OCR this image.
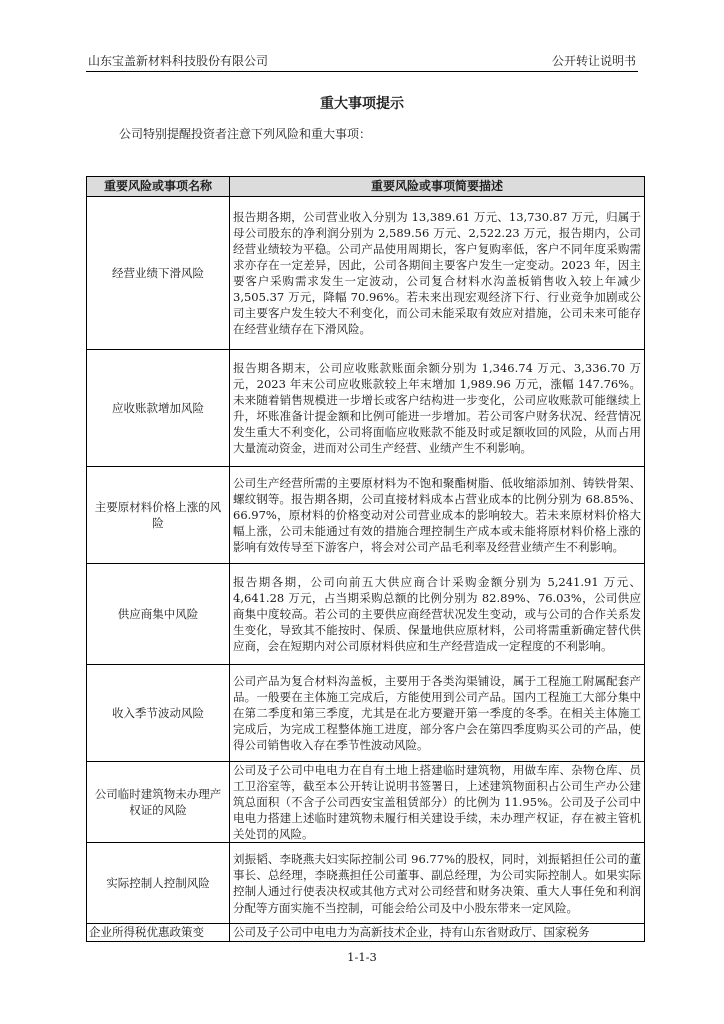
山东宝盖新材料科技股份有限公司	公开转让说明书
重大事项提示
公司特别提醒投资者注意下列风险和重大事项：
重要风险或事项名称	重要风险或事项简要描述
经营业绩下滑风险	报告期各期，公司营业收入分别为 13,389.61 万元、13,730.87 万元，归属于母公司股东的净利润分别为 2,589.56 万元、2,522.23 万元，报告期内，公司经营业绩较为平稳。公司产品使用周期长，客户复购率低，客户不同年度采购需求亦存在一定差异，因此，公司各期间主要客户发生一定变动。2023 年，因主要客户采购需求发生一定波动，公司复合材料水沟盖板销售收入较上年减少 3,505.37 万元，降幅 70.96%。若未来出现宏观经济下行、行业竞争加剧或公司主要客户发生较大不利变化，而公司未能采取有效应对措施，公司未来可能存在经营业绩存在下滑风险。
应收账款增加风险	报告期各期末，公司应收账款账面余额分别为 1,346.74 万元、3,336.70 万元，2023 年末公司应收账款较上年末增加 1,989.96 万元，涨幅 147.76%。未来随着销售规模进一步增长或客户结构进一步变化，公司应收账款可能继续上升，坏账准备计提金额和比例可能进一步增加。若公司客户财务状况、经营情况发生重大不利变化，公司将面临应收账款不能及时或足额收回的风险，从而占用大量流动资金，进而对公司生产经营、业绩产生不利影响。
主要原材料价格上涨的风险	公司生产经营所需的主要原材料为不饱和聚酯树脂、低收缩添加剂、铸铁骨架、螺纹钢等。报告期各期，公司直接材料成本占营业成本的比例分别为 68.85%、66.97%，原材料的价格变动对公司营业成本的影响较大。若未来原材料价格大幅上涨，公司未能通过有效的措施合理控制生产成本或未能将原材料价格上涨的影响有效传导至下游客户，将会对公司产品毛利率及经营业绩产生不利影响。
供应商集中风险	报告期各期，公司向前五大供应商合计采购金额分别为 5,241.91 万元、4,641.28 万元，占当期采购总额的比例分别为 82.89%、76.03%，公司供应商集中度较高。若公司的主要供应商经营状况发生变动，或与公司的合作关系发生变化，导致其不能按时、保质、保量地供应原材料，公司将需重新确定替代供应商，会在短期内对公司原材料供应和生产经营造成一定程度的不利影响。
收入季节波动风险	公司产品为复合材料沟盖板，主要用于各类沟渠铺设，属于工程施工附属配套产品。一般要在主体施工完成后，方能使用到公司产品。国内工程施工大部分集中在第二季度和第三季度，尤其是在北方要避开第一季度的冬季。在相关主体施工完成后，为完成工程整体施工进度，部分客户会在第四季度购买公司的产品，使得公司销售收入存在季节性波动风险。
公司临时建筑物未办理产权证的风险	公司及子公司中电电力在自有土地上搭建临时建筑物，用做车库、杂物仓库、员工卫浴室等，截至本公开转让说明书签署日，上述建筑物面积占公司生产办公建筑总面积（不含子公司西安宝盖租赁部分）的比例为 11.95%。公司及子公司中电电力搭建上述临时建筑物未履行相关建设手续，未办理产权证，存在被主管机关处罚的风险。
实际控制人控制风险	刘振韬、李晓燕夫妇实际控制公司 96.77%的股权，同时，刘振韬担任公司的董事长、总经理，李晓燕担任公司董事、副总经理，为公司实际控制人。如果实际控制人通过行使表决权或其他方式对公司经营和财务决策、重大人事任免和利润分配等方面实施不当控制，可能会给公司及中小股东带来一定风险。
企业所得税优惠政策变	公司及子公司中电电力为高新技术企业，持有山东省财政厅、国家税务
1-1-3
